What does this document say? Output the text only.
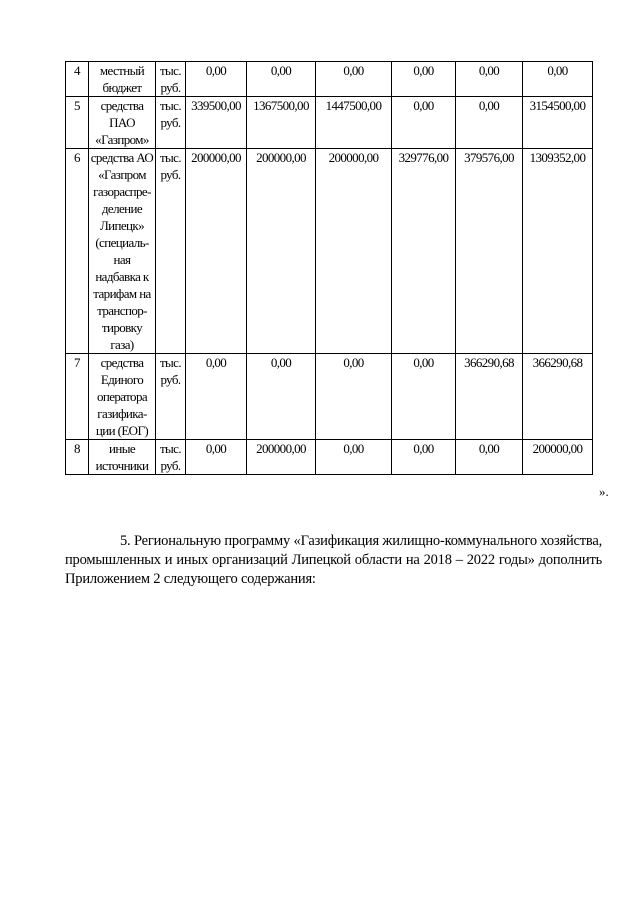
4	местный бюджет	тыс. руб.	0,00	0,00	0,00	0,00	0,00	0,00
5	средства ПАО «Газпром»	тыс. руб.	339500,00	1367500,00	1447500,00	0,00	0,00	3154500,00
6	средства АО «Газпром газораспре-деление Липецк» (специаль-ная надбавка к тарифам на транспор-тировку газа)	тыс. руб.	200000,00	200000,00	200000,00	329776,00	379576,00	1309352,00
7	средства Единого оператора газифика-ции (ЕОГ)	тыс. руб.	0,00	0,00	0,00	0,00	366290,68	366290,68
8	иные источники	тыс. руб.	0,00	200000,00	0,00	0,00	0,00	200000,00
».

5. Региональную программу «Газификация жилищно-коммунального хозяйства, промышленных и иных организаций Липецкой области на 2018 – 2022 годы» дополнить Приложением 2 следующего содержания:
